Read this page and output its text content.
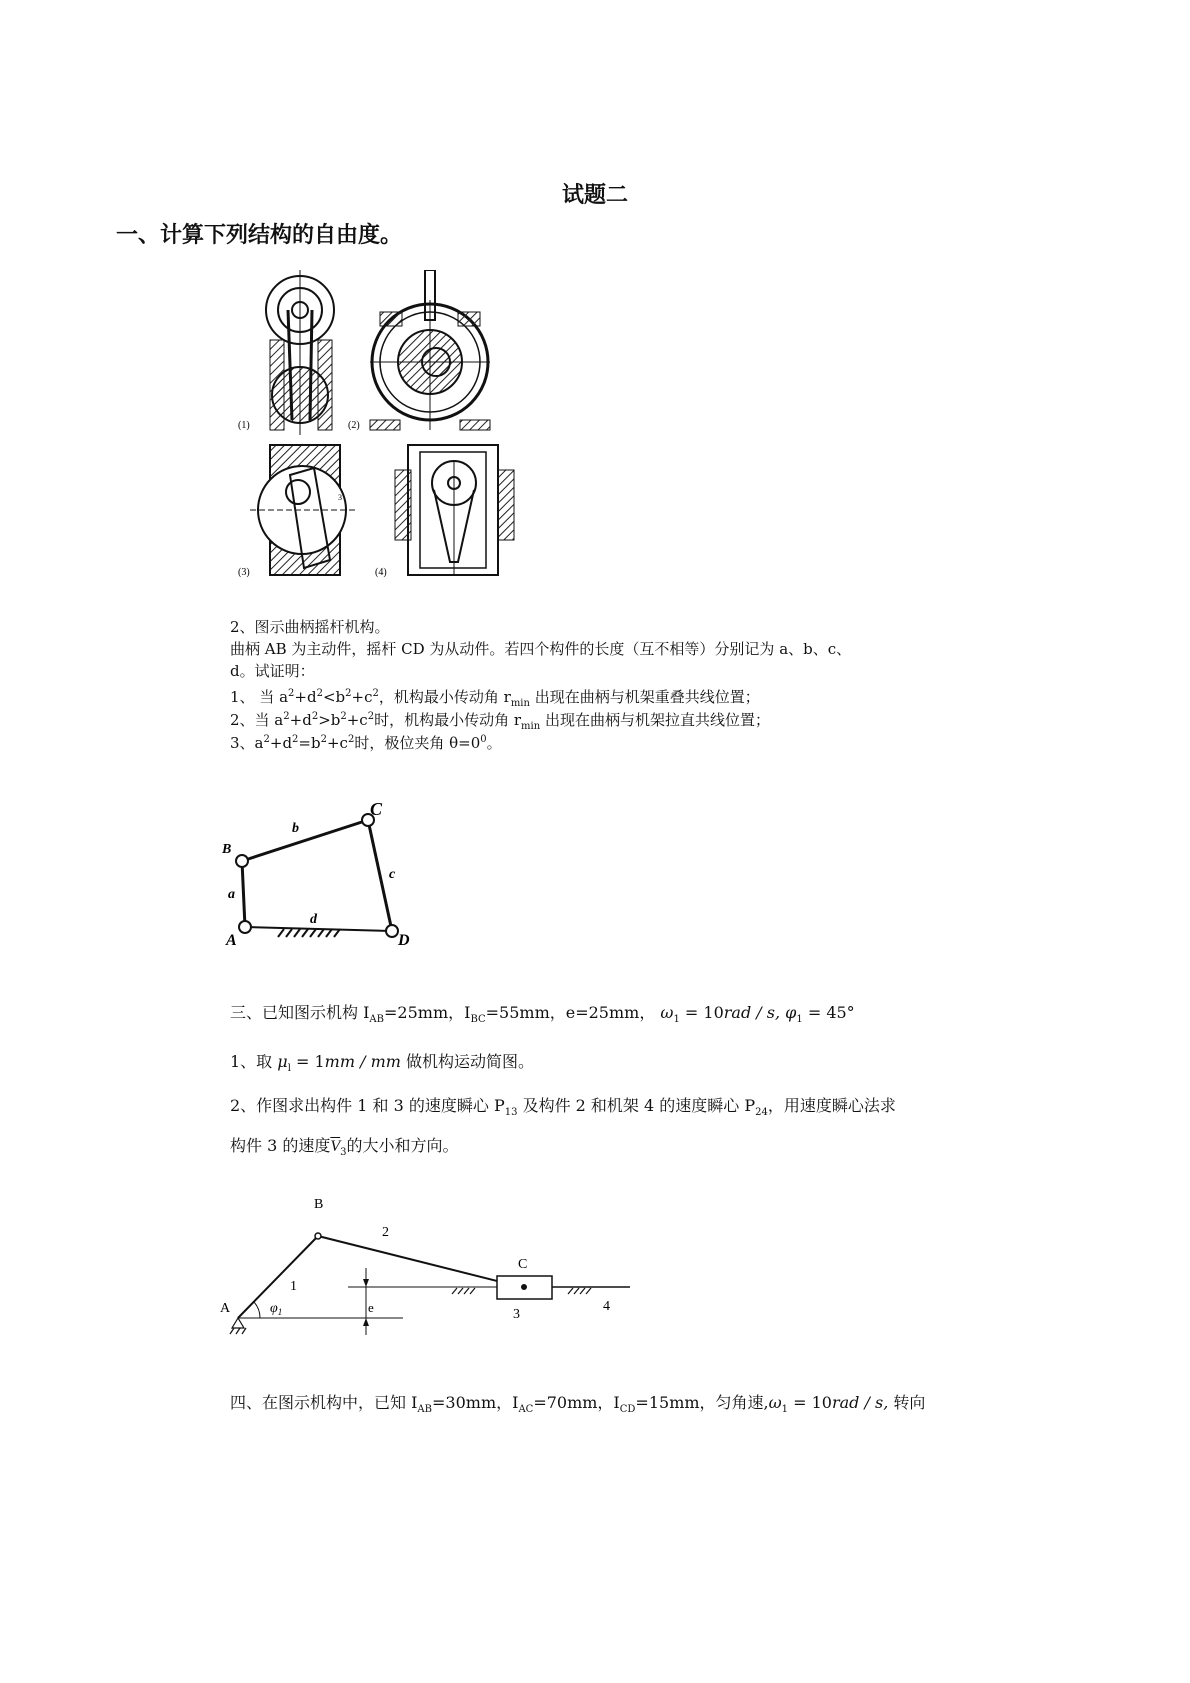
试题二
一、计算下列结构的自由度。
(1)	(2)
3
(3)	(4)
2、图示曲柄摇杆机构。
曲柄 AB 为主动件，摇杆 CD 为从动件。若四个构件的长度（互不相等）分别记为 a、b、c、
d。试证明：
1、 当 $a^2+d^2<b^2+c^2$，机构最小传动角 $r_{min}$ 出现在曲柄与机架重叠共线位置；
2、当 $a^2+d^2>b^2+c^2$时，机构最小传动角 $r_{min}$ 出现在曲柄与机架拉直共线位置；
3、$a^2+d^2=b^2+c^2$时，极位夹角 $\theta=0^0$。
A
B
C
D
a
b
c
d
三、已知图示机构 $I_{AB}=25mm$，$I_{BC}=55mm$，e=25mm， $\omega_1 = 10rad / s$, $\varphi_1 = 45^\circ$
1、取 $\mu_l = 1mm$ / mm 做机构运动简图。
2、作图求出构件 1 和 3 的速度瞬心 $P_{13}$ 及构件 2 和机架 4 的速度瞬心 $P_{24}$，用速度瞬心法求
构件 3 的速度$\overline{V}_3$的大小和方向。
B
C
A
1
2
3
4
e
$\varphi_1$
四、在图示机构中，已知 $I_{AB}=30mm$，$I_{AC}=70mm$，$I_{CD}=15mm$，匀角速$,\omega_1 = 10rad / s$, 转向
